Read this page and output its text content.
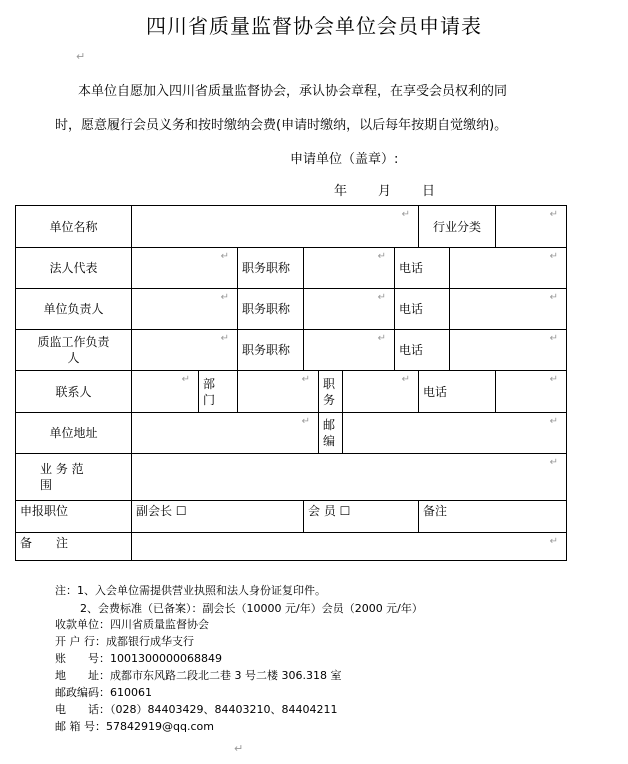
四川省质量监督协会单位会员申请表
↵
本单位自愿加入四川省质量监督协会，承认协会章程，在享受会员权利的同
时，愿意履行会员义务和按时缴纳会费(申请时缴纳，以后每年按期自觉缴纳)。
申请单位（盖章）:
年 月 日
单位名称	↵							行业分类		↵

法人代表	↵		职务职称	↵			电话		↵	

单位负责人	↵		职务职称	↵			电话		↵	

质监工作负责人	↵		职务职称	↵			电话		↵	

联系人	↵	部门	↵		职务	↵		电话		↵

单位地址	↵				邮编	↵				

业 务 范 围	↵									

申报职位	副会长 ☐			会 员 ☐				备注		
备　　注	↵									
注：1、入会单位需提供营业执照和法人身份证复印件。
2、会费标准（已备案）：副会长（10000 元/年）会员（2000 元/年）
收款单位：四川省质量监督协会
开 户 行：成都银行成华支行
账　　号：1001300000068849
地　　址：成都市东风路二段北二巷 3 号二楼 306.318 室
邮政编码：610061
电　　话：（028）84403429、84403210、84404211
邮 箱 号：57842919@qq.com
↵
